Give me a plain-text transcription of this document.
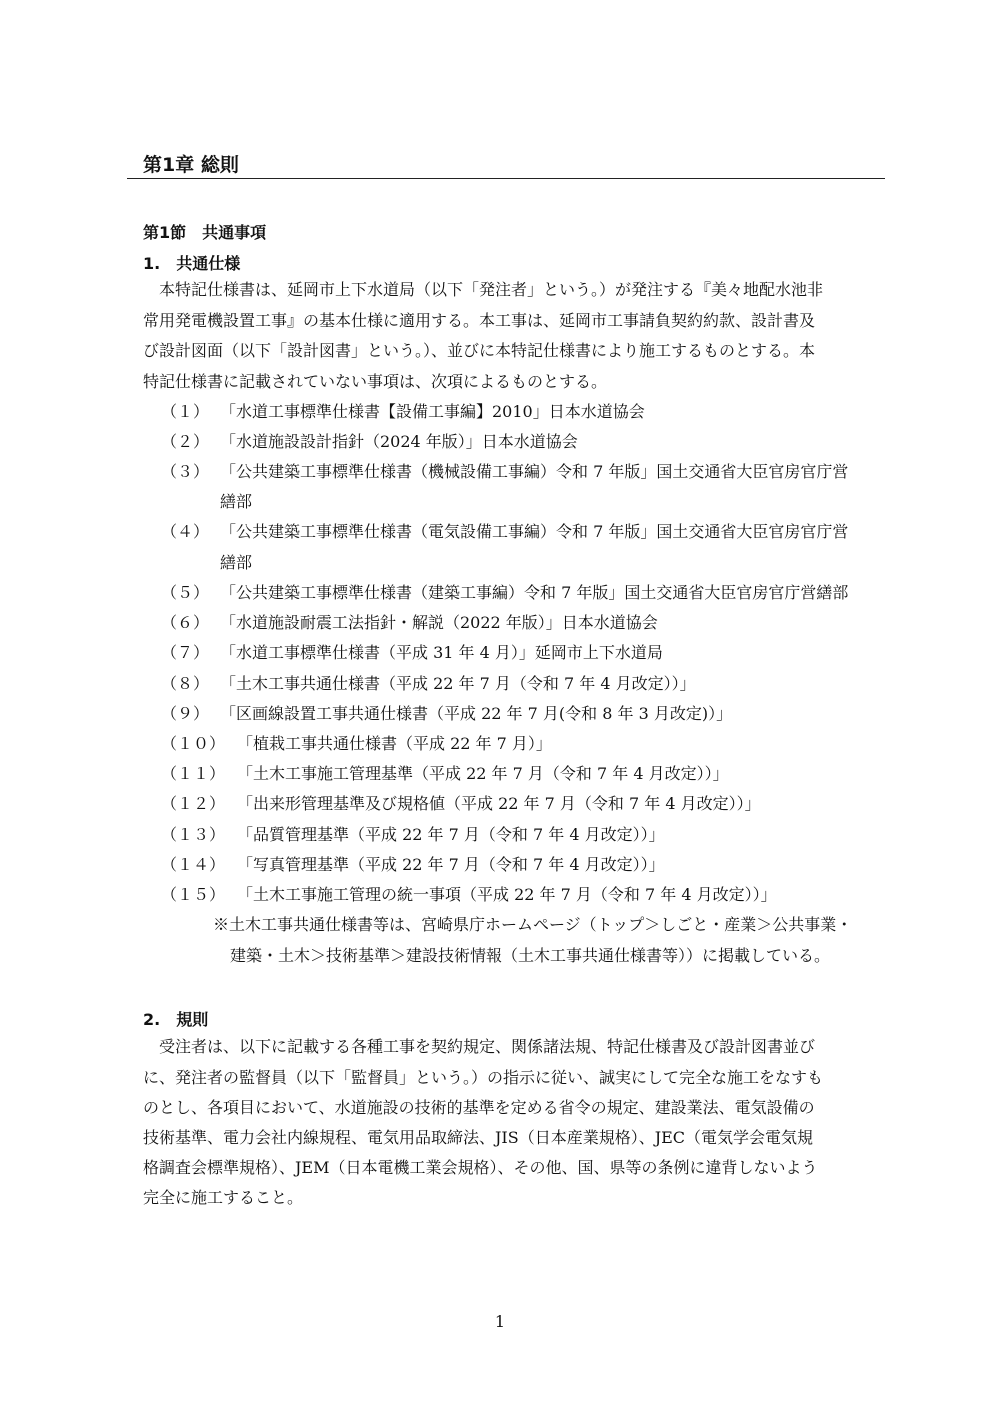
第1章 総則
第1節　共通事項
1.　共通仕様
　本特記仕様書は、延岡市上下水道局（以下「発注者」という。）が発注する『美々地配水池非
常用発電機設置工事』の基本仕様に適用する。本工事は、延岡市工事請負契約約款、設計書及
び設計図面（以下「設計図書」という。）、並びに本特記仕様書により施工するものとする。本
特記仕様書に記載されていない事項は、次項によるものとする。
（１） 「水道工事標準仕様書【設備工事編】2010」日本水道協会
（２） 「水道施設設計指針（2024 年版）」日本水道協会
（３） 「公共建築工事標準仕様書（機械設備工事編）令和 7 年版」国土交通省大臣官房官庁営
繕部
（４） 「公共建築工事標準仕様書（電気設備工事編）令和 7 年版」国土交通省大臣官房官庁営
繕部
（５） 「公共建築工事標準仕様書（建築工事編）令和 7 年版」国土交通省大臣官房官庁営繕部
（６） 「水道施設耐震工法指針・解説（2022 年版）」日本水道協会
（７） 「水道工事標準仕様書（平成 31 年 4 月）」延岡市上下水道局
（８） 「土木工事共通仕様書（平成 22 年 7 月（令和 7 年 4 月改定））」
（９） 「区画線設置工事共通仕様書（平成 22 年 7 月(令和 8 年 3 月改定)）」
（１０） 「植栽工事共通仕様書（平成 22 年 7 月）」
（１１） 「土木工事施工管理基準（平成 22 年 7 月（令和 7 年 4 月改定））」
（１２） 「出来形管理基準及び規格値（平成 22 年 7 月（令和 7 年 4 月改定））」
（１３） 「品質管理基準（平成 22 年 7 月（令和 7 年 4 月改定））」
（１４） 「写真管理基準（平成 22 年 7 月（令和 7 年 4 月改定））」
（１５） 「土木工事施工管理の統一事項（平成 22 年 7 月（令和 7 年 4 月改定））」
※土木工事共通仕様書等は、宮崎県庁ホームページ（トップ＞しごと・産業＞公共事業・
建築・土木＞技術基準＞建設技術情報（土木工事共通仕様書等））に掲載している。
2.　規則
　受注者は、以下に記載する各種工事を契約規定、関係諸法規、特記仕様書及び設計図書並び
に、発注者の監督員（以下「監督員」という。）の指示に従い、誠実にして完全な施工をなすも
のとし、各項目において、水道施設の技術的基準を定める省令の規定、建設業法、電気設備の
技術基準、電力会社内線規程、電気用品取締法、JIS（日本産業規格）、JEC（電気学会電気規
格調査会標準規格）、JEM（日本電機工業会規格）、その他、国、県等の条例に違背しないよう
完全に施工すること。
1
